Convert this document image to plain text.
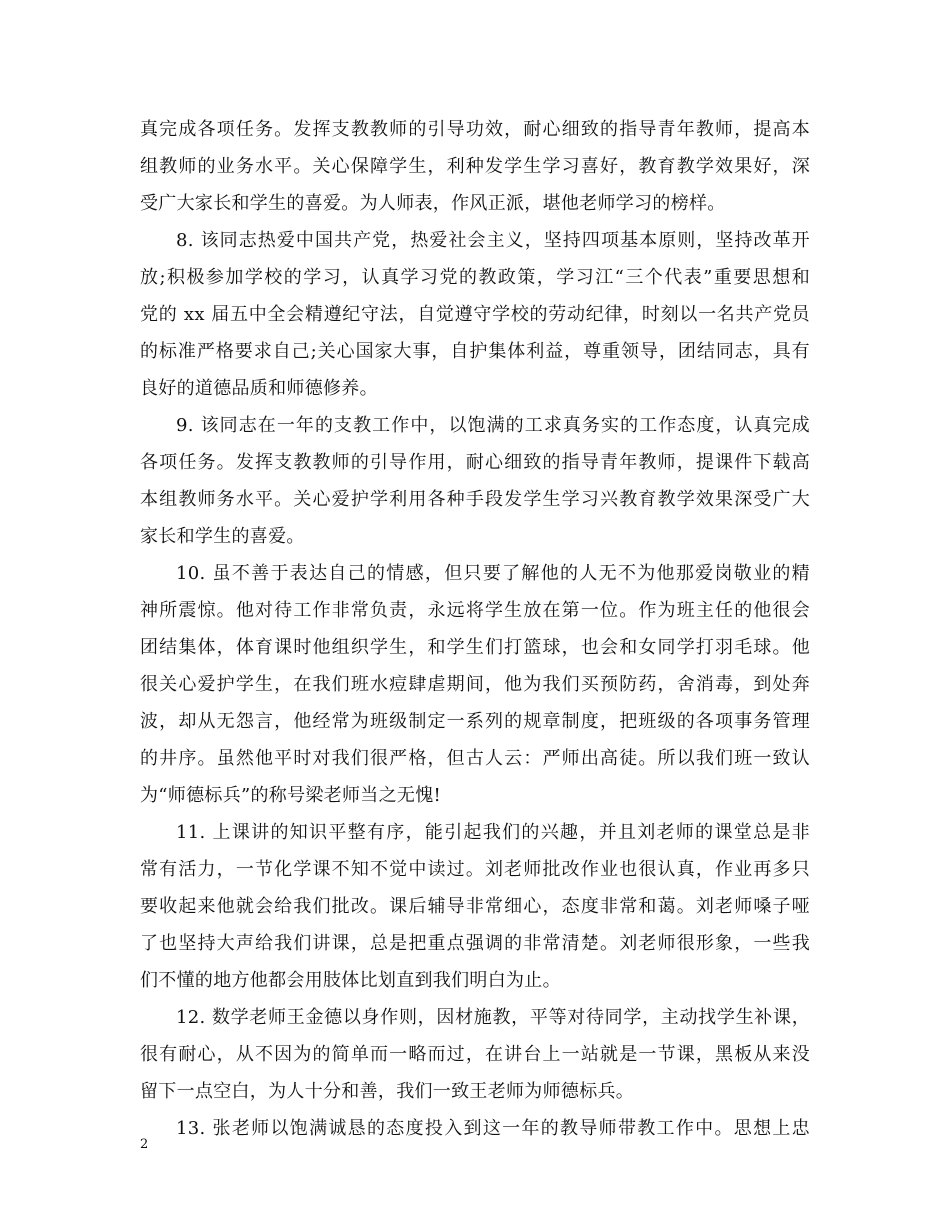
真完成各项任务。发挥支教教师的引导功效，耐心细致的指导青年教师，提高本
组教师的业务水平。关心保障学生，利种发学生学习喜好，教育教学效果好，深
受广大家长和学生的喜爱。为人师表，作风正派，堪他老师学习的榜样。
8. 该同志热爱中国共产党，热爱社会主义，坚持四项基本原则，坚持改革开
放;积极参加学校的学习，认真学习党的教政策，学习江“三个代表”重要思想和
党的 xx 届五中全会精遵纪守法，自觉遵守学校的劳动纪律，时刻以一名共产党员
的标准严格要求自己;关心国家大事，自护集体利益，尊重领导，团结同志，具有
良好的道德品质和师德修养。
9. 该同志在一年的支教工作中，以饱满的工求真务实的工作态度，认真完成
各项任务。发挥支教教师的引导作用，耐心细致的指导青年教师，提课件下载高
本组教师务水平。关心爱护学利用各种手段发学生学习兴教育教学效果深受广大
家长和学生的喜爱。
10. 虽不善于表达自己的情感，但只要了解他的人无不为他那爱岗敬业的精
神所震惊。他对待工作非常负责，永远将学生放在第一位。作为班主任的他很会
团结集体，体育课时他组织学生，和学生们打篮球，也会和女同学打羽毛球。他
很关心爱护学生，在我们班水痘肆虐期间，他为我们买预防药，舍消毒，到处奔
波，却从无怨言，他经常为班级制定一系列的规章制度，把班级的各项事务管理
的井序。虽然他平时对我们很严格，但古人云：严师出高徒。所以我们班一致认
为“师德标兵”的称号梁老师当之无愧!
11. 上课讲的知识平整有序，能引起我们的兴趣，并且刘老师的课堂总是非
常有活力，一节化学课不知不觉中读过。刘老师批改作业也很认真，作业再多只
要收起来他就会给我们批改。课后辅导非常细心，态度非常和蔼。刘老师嗓子哑
了也坚持大声给我们讲课，总是把重点强调的非常清楚。刘老师很形象，一些我
们不懂的地方他都会用肢体比划直到我们明白为止。
12. 数学老师王金德以身作则，因材施教，平等对待同学，主动找学生补课，
很有耐心，从不因为的简单而一略而过，在讲台上一站就是一节课，黑板从来没
留下一点空白，为人十分和善，我们一致王老师为师德标兵。
13. 张老师以饱满诚恳的态度投入到这一年的教导师带教工作中。思想上忠
2
